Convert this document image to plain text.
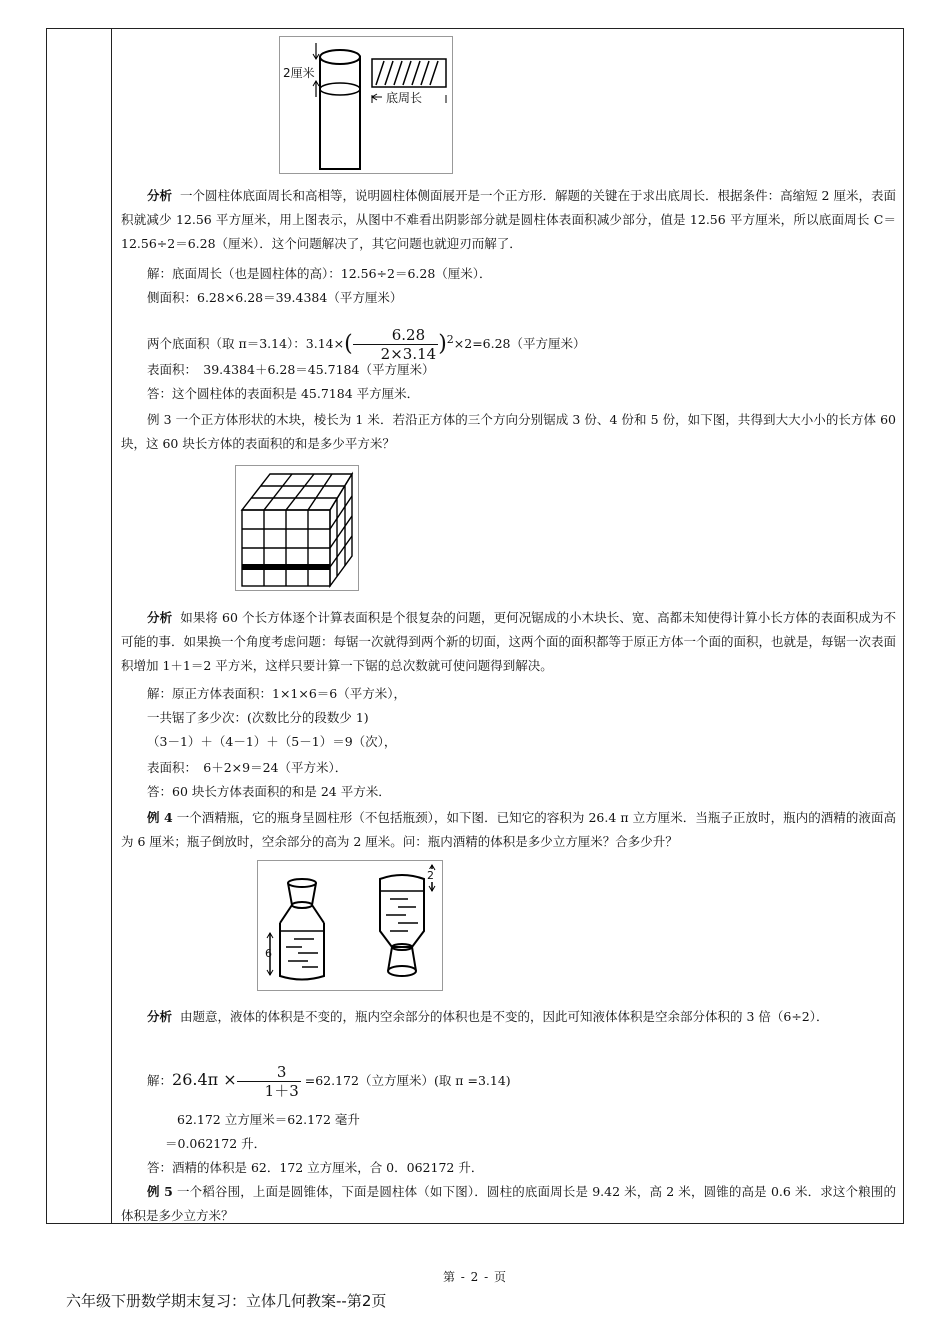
2厘米
底周长

分析 一个圆柱体底面周长和高相等，说明圆柱体侧面展开是一个正方形．解题的关键在于求出底周长．根据条件：高缩短 2 厘米，表面积就减少 12.56 平方厘米，用上图表示，从图中不难看出阴影部分就是圆柱体表面积减少部分，值是 12.56 平方厘米，所以底面周长 C＝12.56÷2＝6.28（厘米）．这个问题解决了，其它问题也就迎刃而解了．

解：底面周长（也是圆柱体的高）：12.56÷2＝6.28（厘米）．

侧面积：6.28×6.28＝39.4384（平方厘米）

两个底面积（取 π＝3.14）：$3.14\times( \frac{6.28}{2\times 3.14} )2\times 2=6.28$（平方厘米）

表面积：　39.4384＋6.28＝45.7184（平方厘米）

答：这个圆柱体的表面积是 45.7184 平方厘米．

例 3 一个正方体形状的木块，棱长为 1 米．若沿正方体的三个方向分别锯成 3 份、4 份和 5 份，如下图，共得到大大小小的长方体 60 块，这 60 块长方体的表面积的和是多少平方米？

分析 如果将 60 个长方体逐个计算表面积是个很复杂的问题，更何况锯成的小木块长、宽、高都未知使得计算小长方体的表面积成为不可能的事．如果换一个角度考虑问题：每锯一次就得到两个新的切面，这两个面的面积都等于原正方体一个面的面积，也就是，每锯一次表面积增加 1＋1＝2 平方米，这样只要计算一下锯的总次数就可使问题得到解决。

解：原正方体表面积：1×1×6＝6（平方米），

一共锯了多少次：(次数比分的段数少 1)

（3－1）＋（4－1）＋（5－1）＝9（次），

表面积：　6＋2×9＝24（平方米）．

答：60 块长方体表面积的和是 24 平方米．

例 4 一个酒精瓶，它的瓶身呈圆柱形（不包括瓶颈），如下图．已知它的容积为 26.4 π 立方厘米．当瓶子正放时，瓶内的酒精的液面高为 6 厘米；瓶子倒放时，空余部分的高为 2 厘米。问：瓶内酒精的体积是多少立方厘米？合多少升？

分析 由题意，液体的体积是不变的，瓶内空余部分的体积也是不变的，因此可知液体体积是空余部分体积的 3 倍（6÷2）．

解：$26.4\pi \times \frac{3}{1+3} =62.172$（立方厘米）(取 π =3.14)

62.172 立方厘米＝62.172 毫升

＝0.062172 升．

答：酒精的体积是 62．172 立方厘米，合 0．062172 升．

例 5 一个稻谷围，上面是圆锥体，下面是圆柱体（如下图）．圆柱的底面周长是 9.42 米，高 2 米，圆锥的高是 0.6 米．求这个粮围的体积是多少立方米？

6
2
第 - 2 - 页
六年级下册数学期末复习：立体几何教案--第2页
